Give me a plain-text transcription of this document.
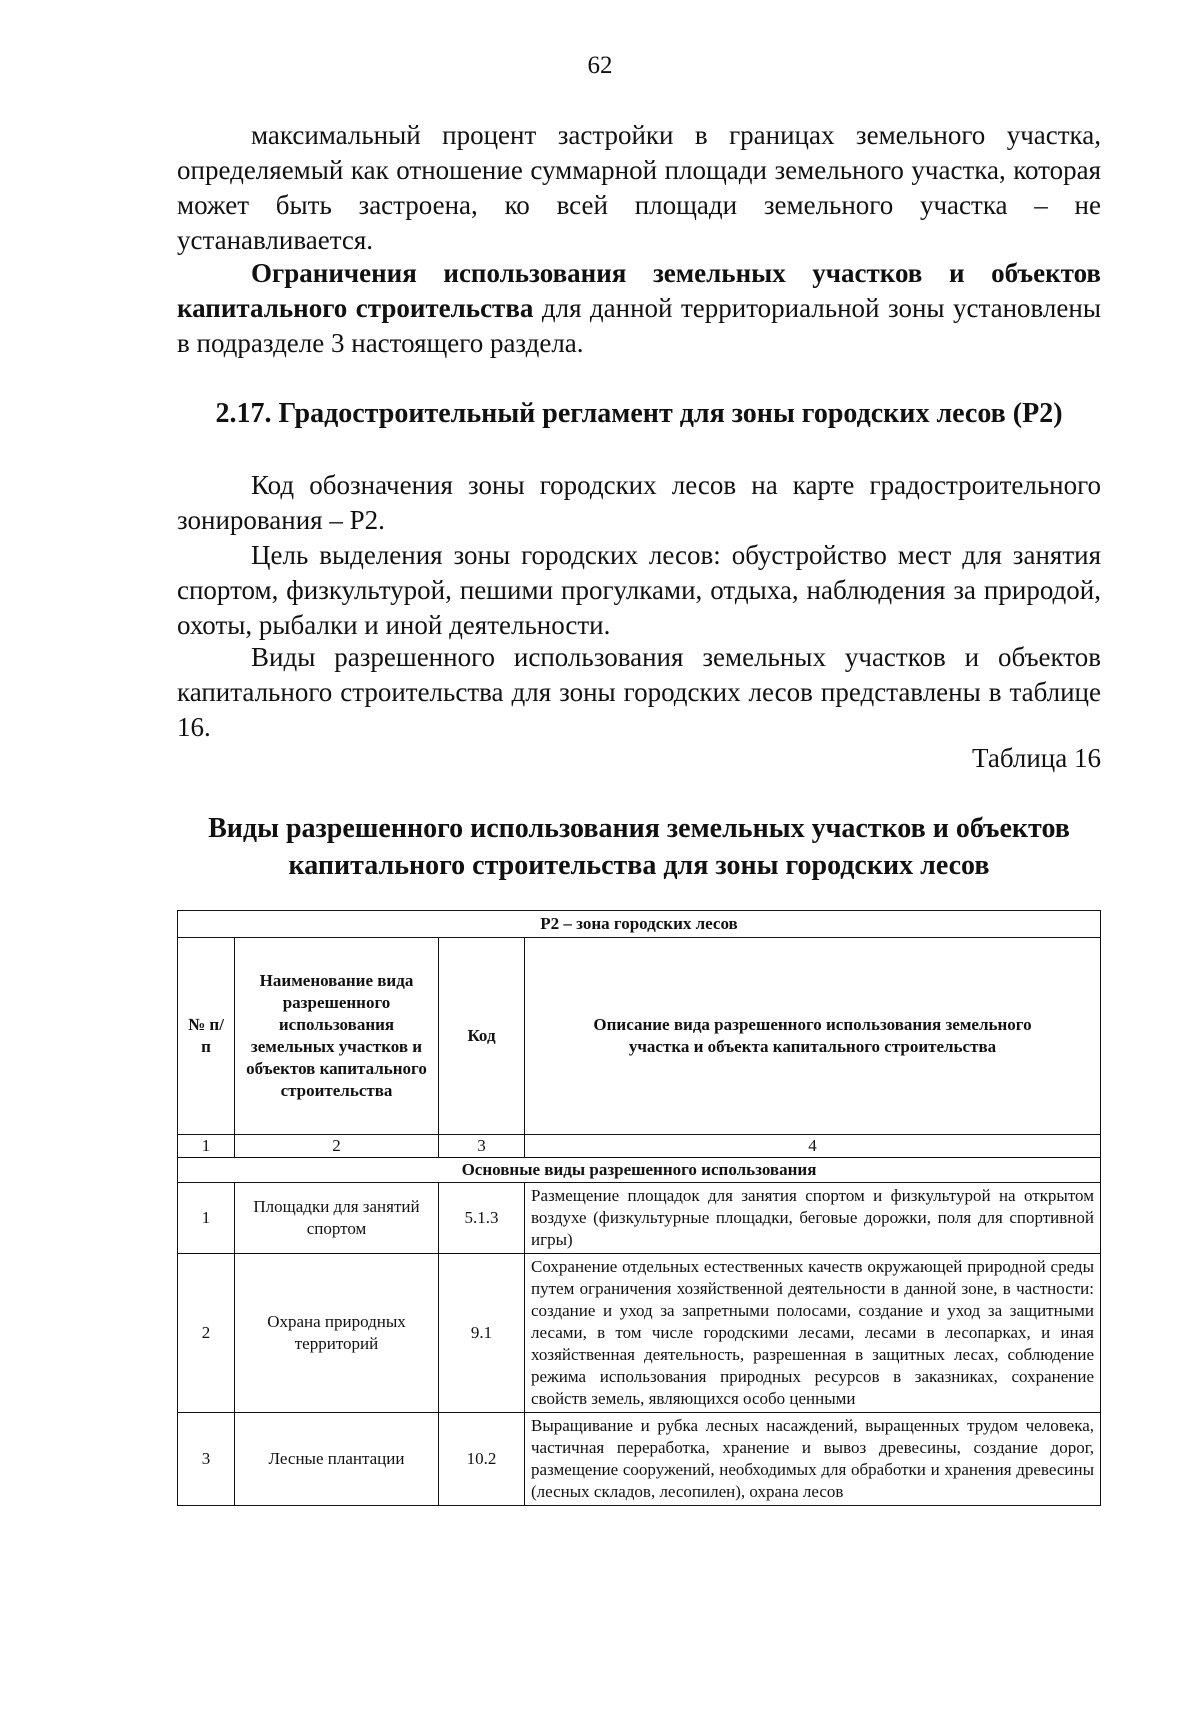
62

максимальный процент застройки в границах земельного участка, определяемый как отношение суммарной площади земельного участка, которая может быть застроена, ко всей площади земельного участка – не устанавливается.

Ограничения использования земельных участков и объектов капитального строительства для данной территориальной зоны установлены в подразделе 3 настоящего раздела.

2.17. Градостроительный регламент для зоны городских лесов (Р2)

Код обозначения зоны городских лесов на карте градостроительного зонирования – Р2.

Цель выделения зоны городских лесов: обустройство мест для занятия спортом, физкультурой, пешими прогулками, отдыха, наблюдения за природой, охоты, рыбалки и иной деятельности.

Виды разрешенного использования земельных участков и объектов капитального строительства для зоны городских лесов представлены в таблице 16.

Таблица 16

Виды разрешенного использования земельных участков и объектов капитального строительства для зоны городских лесов
Р2 – зона городских лесов			
№ п/п	Наименование вида разрешенного использования земельных участков и объектов капитального строительства	Код	Описание вида разрешенного использования земельного участка и объекта капитального строительства
1	2	3	4
Основные виды разрешенного использования			
1	Площадки для занятий спортом	5.1.3	Размещение площадок для занятия спортом и физкультурой на открытом воздухе (физкультурные площадки, беговые дорожки, поля для спортивной игры)
2	Охрана природных территорий	9.1	Сохранение отдельных естественных качеств окружающей природной среды путем ограничения хозяйственной деятельности в данной зоне, в частности: создание и уход за запретными полосами, создание и уход за защитными лесами, в том числе городскими лесами, лесами в лесопарках, и иная хозяйственная деятельность, разрешенная в защитных лесах, соблюдение режима использования природных ресурсов в заказниках, сохранение свойств земель, являющихся особо ценными
3	Лесные плантации	10.2	Выращивание и рубка лесных насаждений, выращенных трудом человека, частичная переработка, хранение и вывоз древесины, создание дорог, размещение сооружений, необходимых для обработки и хранения древесины (лесных складов, лесопилен), охрана лесов
